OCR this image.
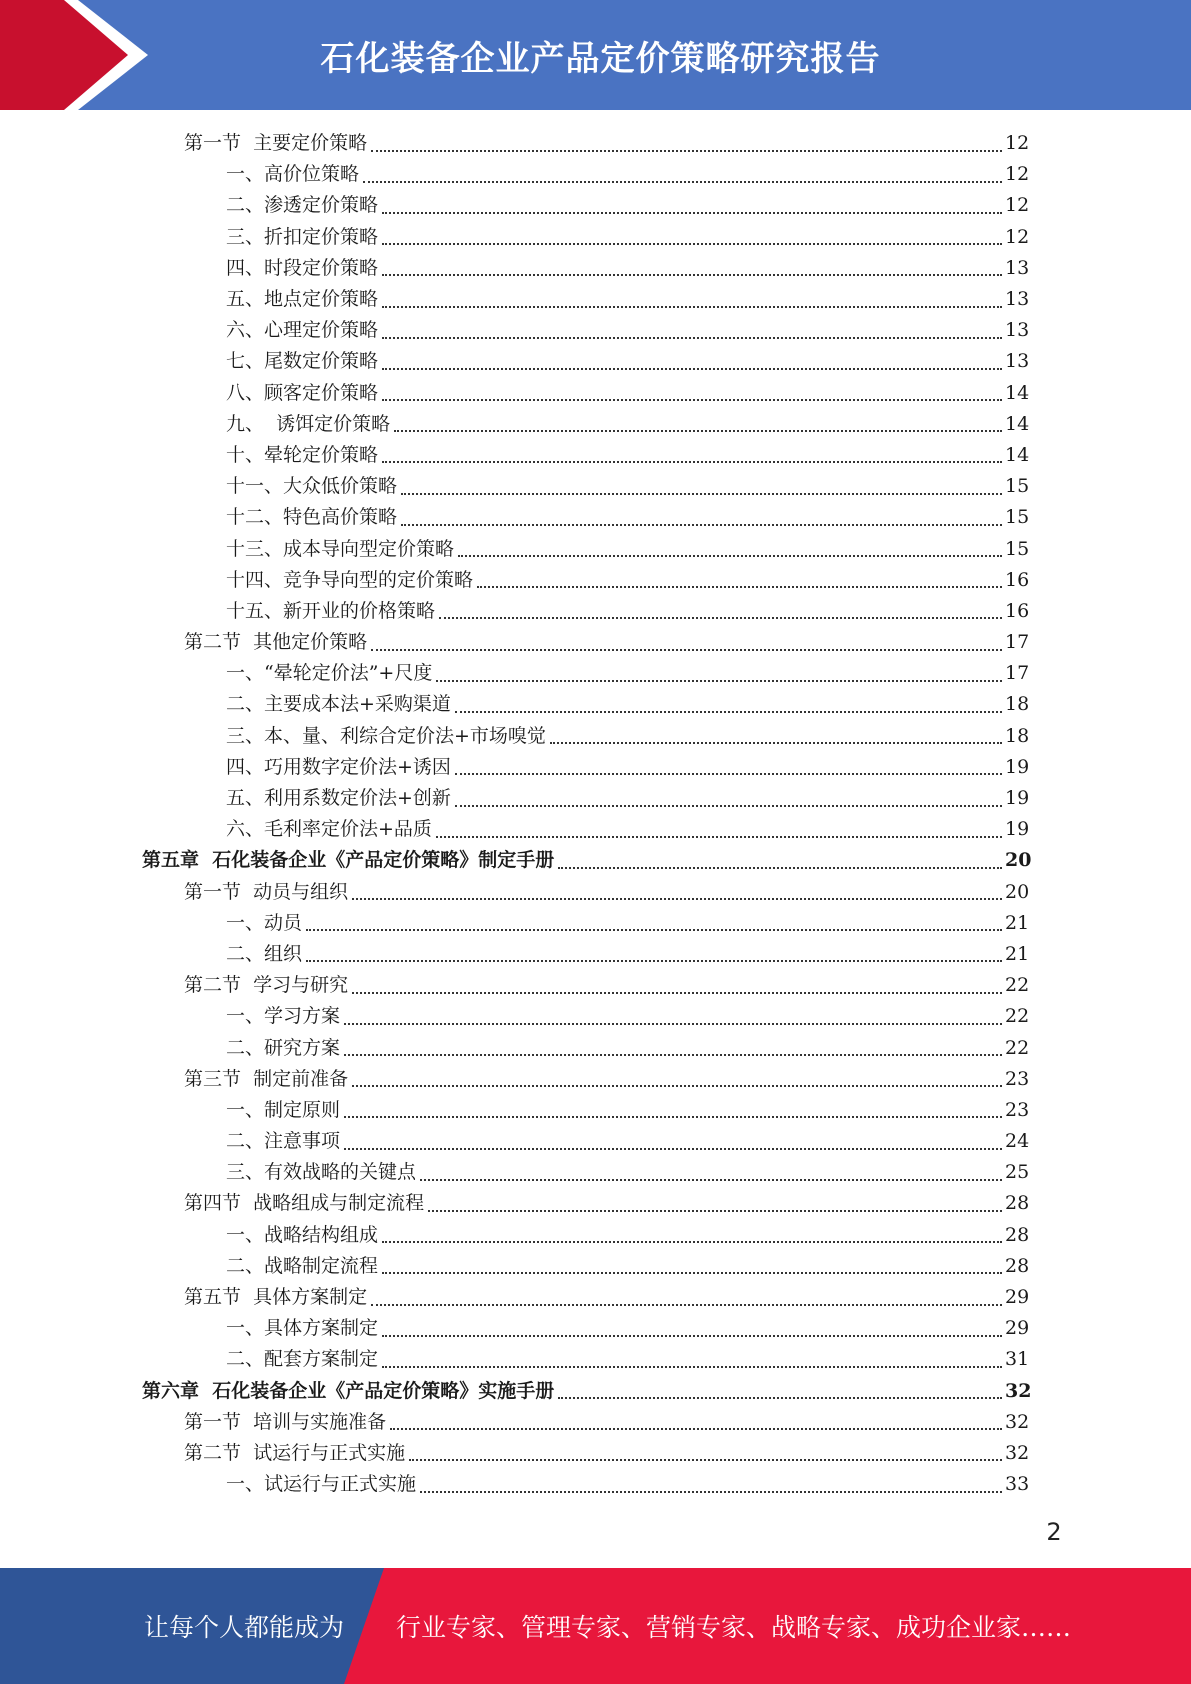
石化装备企业产品定价策略研究报告
第一节  主要定价策略	12
一、高价位策略	12
二、渗透定价策略	12
三、折扣定价策略	12
四、时段定价策略	13
五、地点定价策略	13
六、心理定价策略	13
七、尾数定价策略	13
八、顾客定价策略	14
九、  诱饵定价策略	14
十、晕轮定价策略	14
十一、大众低价策略	15
十二、特色高价策略	15
十三、成本导向型定价策略	15
十四、竞争导向型的定价策略	16
十五、新开业的价格策略	16
第二节  其他定价策略	17
一、“晕轮定价法”+尺度	17
二、主要成本法+采购渠道	18
三、本、量、利综合定价法+市场嗅觉	18
四、巧用数字定价法+诱因	19
五、利用系数定价法+创新	19
六、毛利率定价法+品质	19
第五章  石化装备企业《产品定价策略》制定手册	20
第一节  动员与组织	20
一、动员	21
二、组织	21
第二节  学习与研究	22
一、学习方案	22
二、研究方案	22
第三节  制定前准备	23
一、制定原则	23
二、注意事项	24
三、有效战略的关键点	25
第四节  战略组成与制定流程	28
一、战略结构组成	28
二、战略制定流程	28
第五节  具体方案制定	29
一、具体方案制定	29
二、配套方案制定	31
第六章  石化装备企业《产品定价策略》实施手册	32
第一节  培训与实施准备	32
第二节  试运行与正式实施	32
一、试运行与正式实施	33
2
让每个人都能成为 行业专家、管理专家、营销专家、战略专家、成功企业家……
